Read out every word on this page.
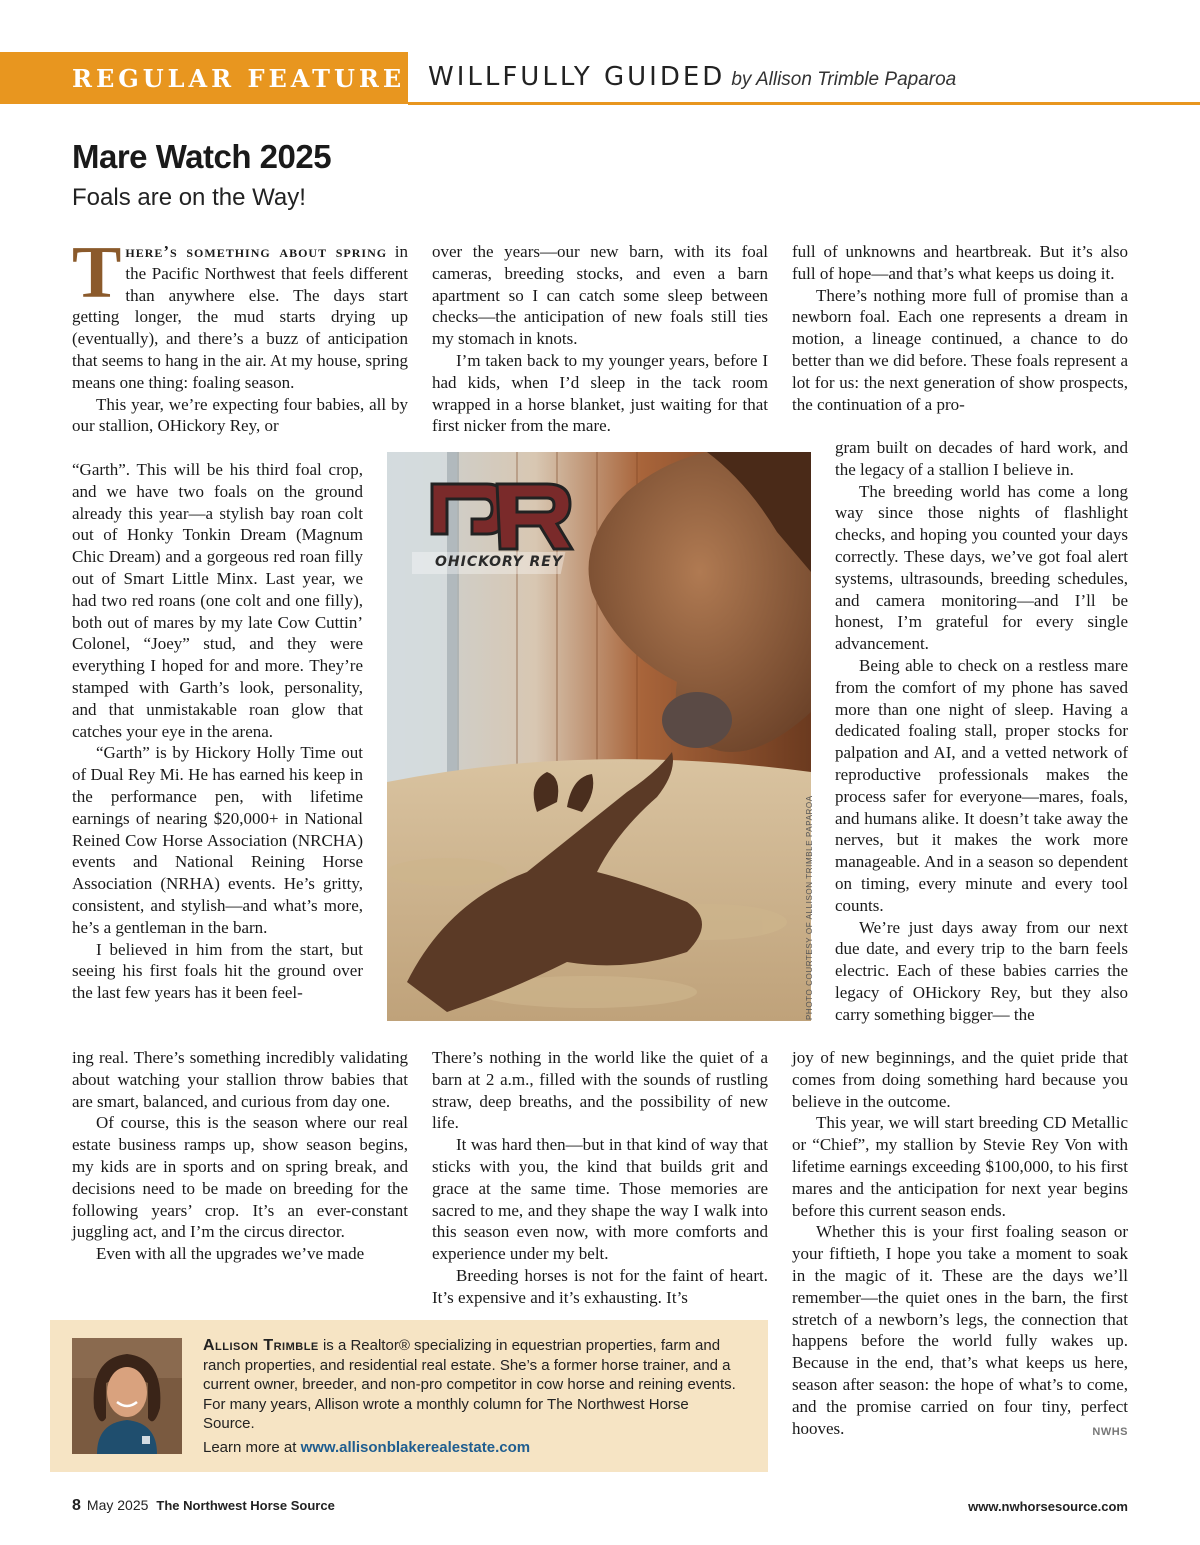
REGULAR FEATURE WILLFULLY GUIDED by Allison Trimble Paparoa
Mare Watch 2025
Foals are on the Way!

There’s something about spring in the Pacific Northwest that feels different than anywhere else. The days start getting longer, the mud starts drying up (eventually), and there’s a buzz of anticipation that seems to hang in the air. At my house, spring means one thing: foaling season.

This year, we’re expecting four babies, all by our stallion, OHickory Rey, or

“Garth”. This will be his third foal crop, and we have two foals on the ground already this year—a stylish bay roan colt out of Honky Tonkin Dream (Magnum Chic Dream) and a gorgeous red roan filly out of Smart Little Minx. Last year, we had two red roans (one colt and one filly), both out of mares by my late Cow Cuttin’ Colonel, “Joey” stud, and they were everything I hoped for and more. They’re stamped with Garth’s look, personality, and that unmistakable roan glow that catches your eye in the arena.

“Garth” is by Hickory Holly Time out of Dual Rey Mi. He has earned his keep in the performance pen, with lifetime earnings of nearing $20,000+ in National Reined Cow Horse Association (NRCHA) events and National Reining Horse Association (NRHA) events. He’s gritty, consistent, and stylish—and what’s more, he’s a gentleman in the barn.

I believed in him from the start, but seeing his first foals hit the ground over the last few years has it been feel-

ing real. There’s something incredibly validating about watching your stallion throw babies that are smart, balanced, and curious from day one.

Of course, this is the season where our real estate business ramps up, show season begins, my kids are in sports and on spring break, and decisions need to be made on breeding for the following years’ crop. It’s an ever-constant juggling act, and I’m the circus director.

Even with all the upgrades we’ve made

over the years—our new barn, with its foal cameras, breeding stocks, and even a barn apartment so I can catch some sleep between checks—the anticipation of new foals still ties my stomach in knots.

I’m taken back to my younger years, before I had kids, when I’d sleep in the tack room wrapped in a horse blanket, just waiting for that first nicker from the mare.

There’s nothing in the world like the quiet of a barn at 2 a.m., filled with the sounds of rustling straw, deep breaths, and the possibility of new life.

It was hard then—but in that kind of way that sticks with you, the kind that builds grit and grace at the same time. Those memories are sacred to me, and they shape the way I walk into this season even now, with more comforts and experience under my belt.

Breeding horses is not for the faint of heart. It’s expensive and it’s exhausting. It’s

full of unknowns and heartbreak. But it’s also full of hope—and that’s what keeps us doing it.

There’s nothing more full of promise than a newborn foal. Each one represents a dream in motion, a lineage continued, a chance to do better than we did before. These foals represent a lot for us: the next generation of show prospects, the continuation of a pro-

gram built on decades of hard work, and the legacy of a stallion I believe in.

The breeding world has come a long way since those nights of flashlight checks, and hoping you counted your days correctly. These days, we’ve got foal alert systems, ultrasounds, breeding schedules, and camera monitoring—and I’ll be honest, I’m grateful for every single advancement.

Being able to check on a restless mare from the comfort of my phone has saved more than one night of sleep. Having a dedicated foaling stall, proper stocks for palpation and AI, and a vetted network of reproductive professionals makes the process safer for everyone—mares, foals, and humans alike. It doesn’t take away the nerves, but it makes the work more manageable. And in a season so dependent on timing, every minute and every tool counts.

We’re just days away from our next due date, and every trip to the barn feels electric. Each of these babies carries the legacy of OHickory Rey, but they also carry something bigger— the

joy of new beginnings, and the quiet pride that comes from doing something hard because you believe in the outcome.

This year, we will start breeding CD Metallic or “Chief”, my stallion by Stevie Rey Von with lifetime earnings exceeding $100,000, to his first mares and the anticipation for next year begins before this current season ends.

Whether this is your first foaling season or your fiftieth, I hope you take a moment to soak in the magic of it. These are the days we’ll remember—the quiet ones in the barn, the first stretch of a newborn’s legs, the connection that happens before the world fully wakes up. Because in the end, that’s what keeps us here, season after season: the hope of what’s to come, and the promise carried on four tiny, perfect hooves.	NWHS

OHICKORY REY
PHOTO COURTESY OF ALLISON TRIMBLE PAPAROA

Allison Trimble is a Realtor® specializing in equestrian properties, farm and ranch properties, and residential real estate. She’s a former horse trainer, and a current owner, breeder, and non-pro competitor in cow horse and reining events. For many years, Allison wrote a monthly column for The Northwest Horse Source.

Learn more at www.allisonblakerealestate.com

8 May 2025 The Northwest Horse Source	www.nwhorsesource.com
